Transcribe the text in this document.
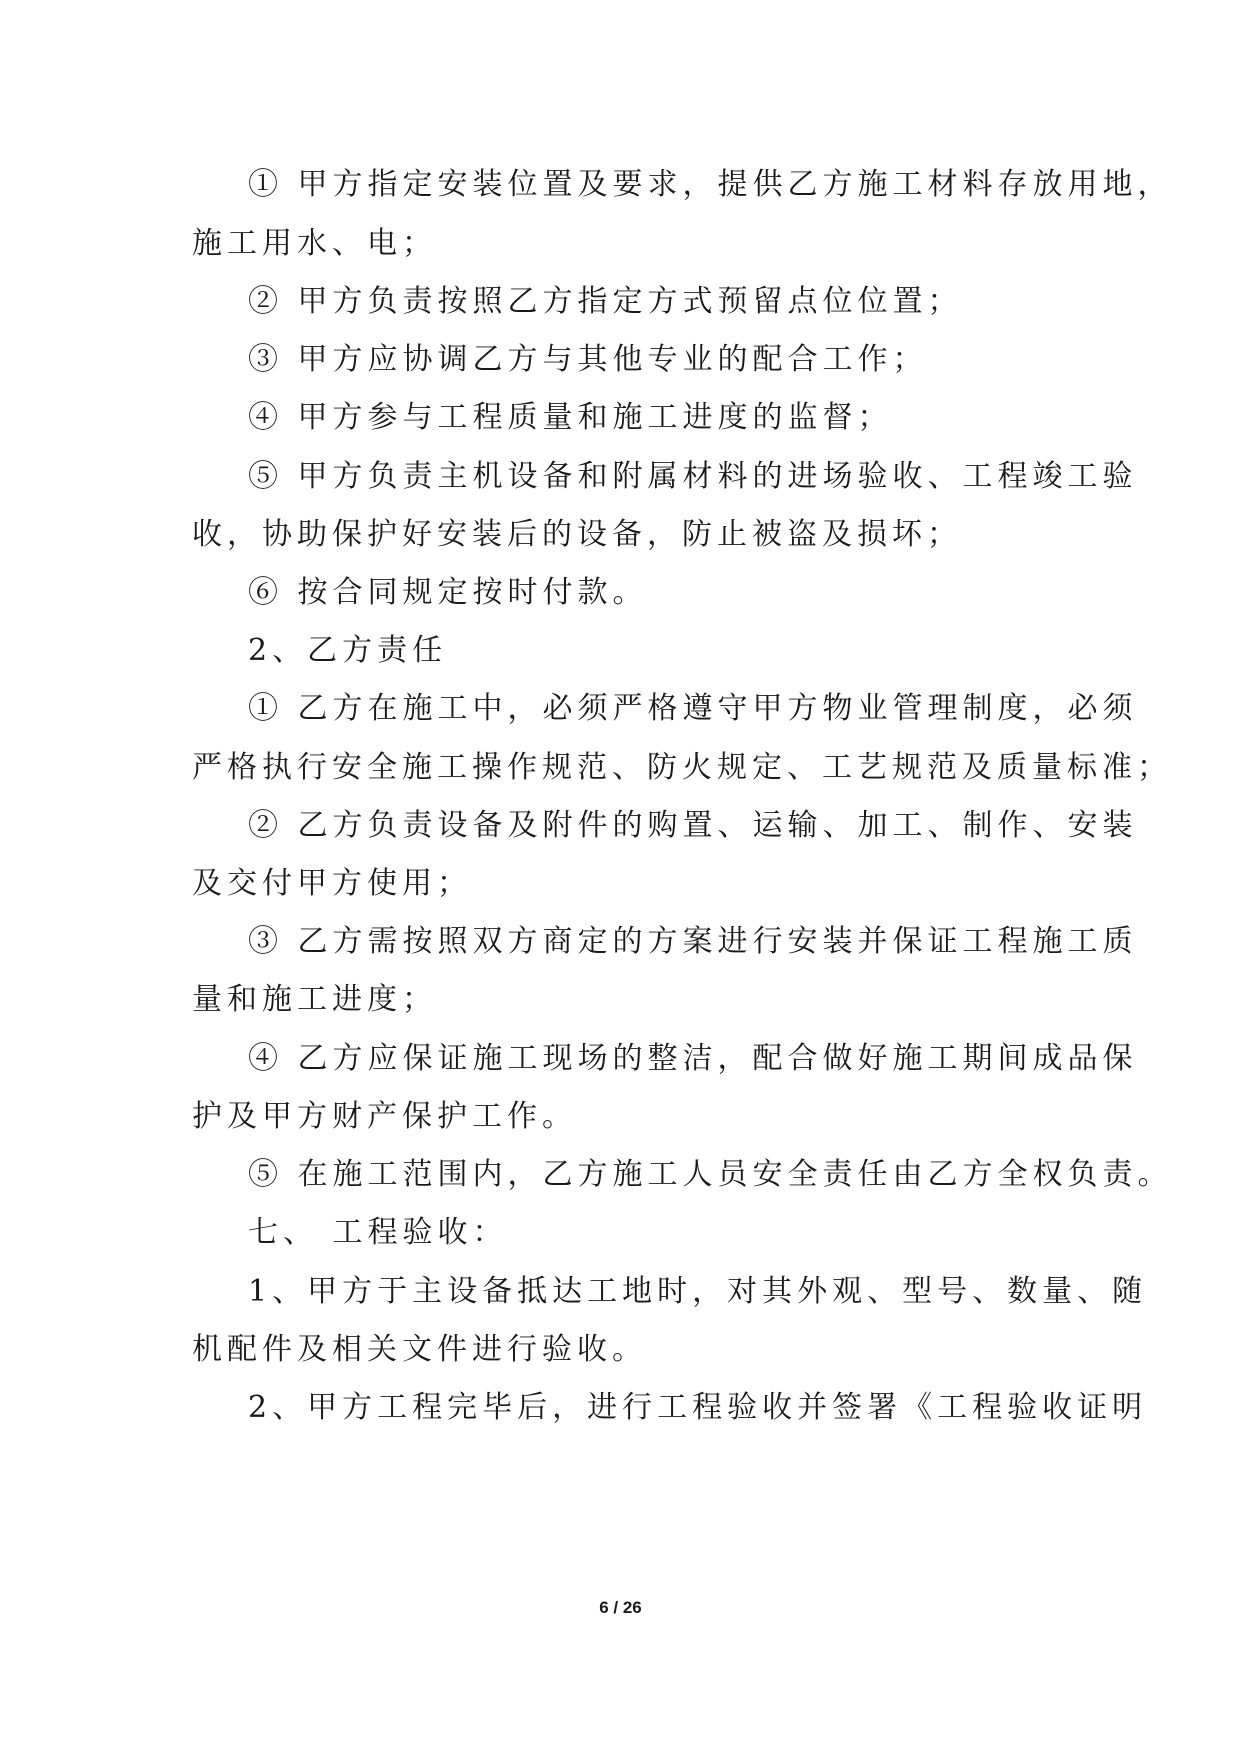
① 甲方指定安装位置及要求，提供乙方施工材料存放用地，
施工用水、电；
② 甲方负责按照乙方指定方式预留点位位置；
③ 甲方应协调乙方与其他专业的配合工作；
④ 甲方参与工程质量和施工进度的监督；
⑤ 甲方负责主机设备和附属材料的进场验收、工程竣工验
收，协助保护好安装后的设备，防止被盗及损坏；
⑥ 按合同规定按时付款。
2、乙方责任
① 乙方在施工中，必须严格遵守甲方物业管理制度，必须
严格执行安全施工操作规范、防火规定、工艺规范及质量标准；
② 乙方负责设备及附件的购置、运输、加工、制作、安装
及交付甲方使用；
③ 乙方需按照双方商定的方案进行安装并保证工程施工质
量和施工进度；
④ 乙方应保证施工现场的整洁，配合做好施工期间成品保
护及甲方财产保护工作。
⑤ 在施工范围内，乙方施工人员安全责任由乙方全权负责。
七、 工程验收：
1、甲方于主设备抵达工地时，对其外观、型号、数量、随
机配件及相关文件进行验收。
2、甲方工程完毕后，进行工程验收并签署《工程验收证明
6 / 26
